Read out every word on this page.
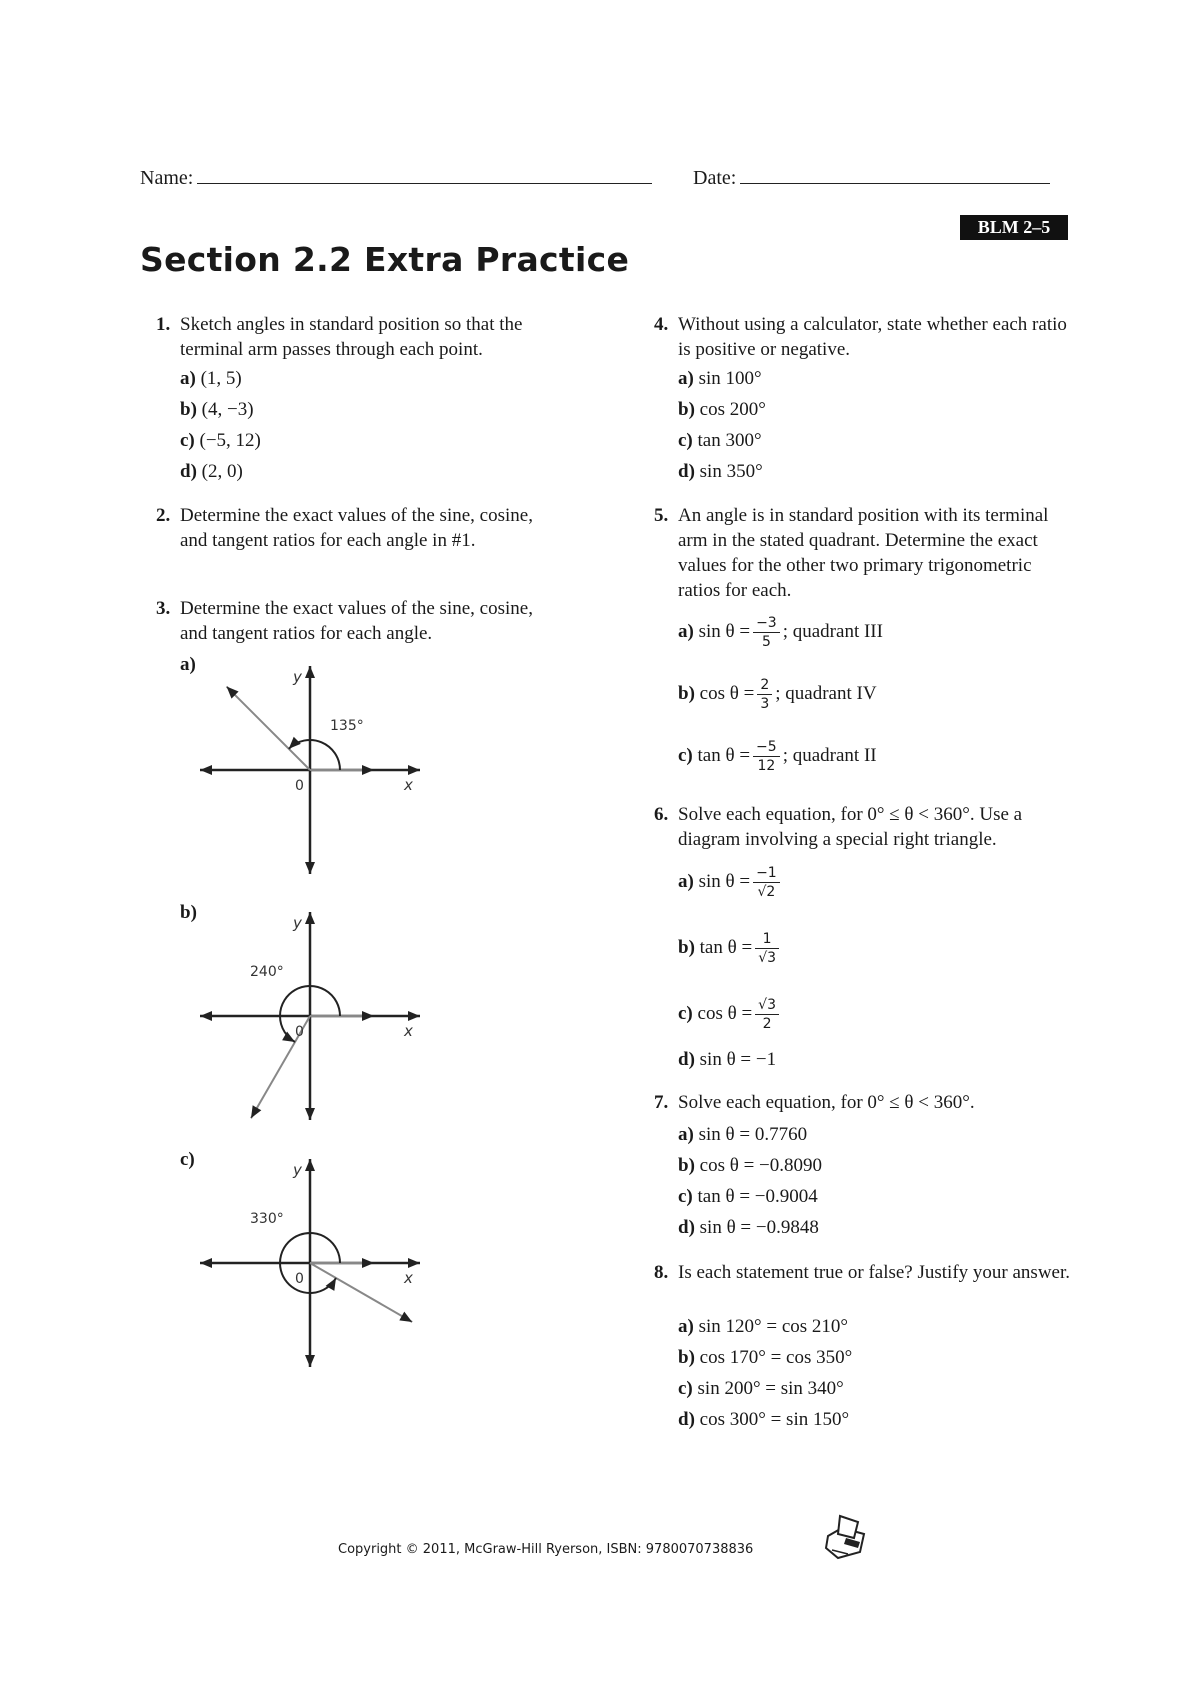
Name:	Date:
BLM 2–5
Section 2.2 Extra Practice
1. Sketch angles in standard position so that the terminal arm passes through each point.
a) (1, 5)
b) (4, −3)
c) (−5, 12)
d) (2, 0)
2. Determine the exact values of the sine, cosine, and tangent ratios for each angle in #1.
3. Determine the exact values of the sine, cosine, and tangent ratios for each angle.
a)
b)
c)
y
x
0
135°
y
x
0
240°
y
x
0
330°
4. Without using a calculator, state whether each ratio is positive or negative.
a) sin 100°
b) cos 200°
c) tan 300°
d) sin 350°
5. An angle is in standard position with its terminal arm in the stated quadrant. Determine the exact values for the other two primary trigonometric ratios for each.
a) $\sin \theta = \frac{-3}{5}$ ; quadrant III
b) $\cos \theta = \frac{2}{3}$ ; quadrant IV
c) $\tan \theta = \frac{-5}{12}$ ; quadrant II
6. Solve each equation, for 0° ≤ θ < 360°. Use a diagram involving a special right triangle.
a) $\sin \theta = \frac{-1}{√2}$
b) $\tan \theta = \frac{1}{√3}$
c) $\cos \theta = \frac{√3}{2}$
d) sin θ = −1
7. Solve each equation, for 0° ≤ θ < 360°.
a) sin θ = 0.7760
b) cos θ = −0.8090
c) tan θ = −0.9004
d) sin θ = −0.9848
8. Is each statement true or false? Justify your answer.
a) sin 120° = cos 210°
b) cos 170° = cos 350°
c) sin 200° = sin 340°
d) cos 300° = sin 150°
Copyright © 2011, McGraw-Hill Ryerson, ISBN: 9780070738836
